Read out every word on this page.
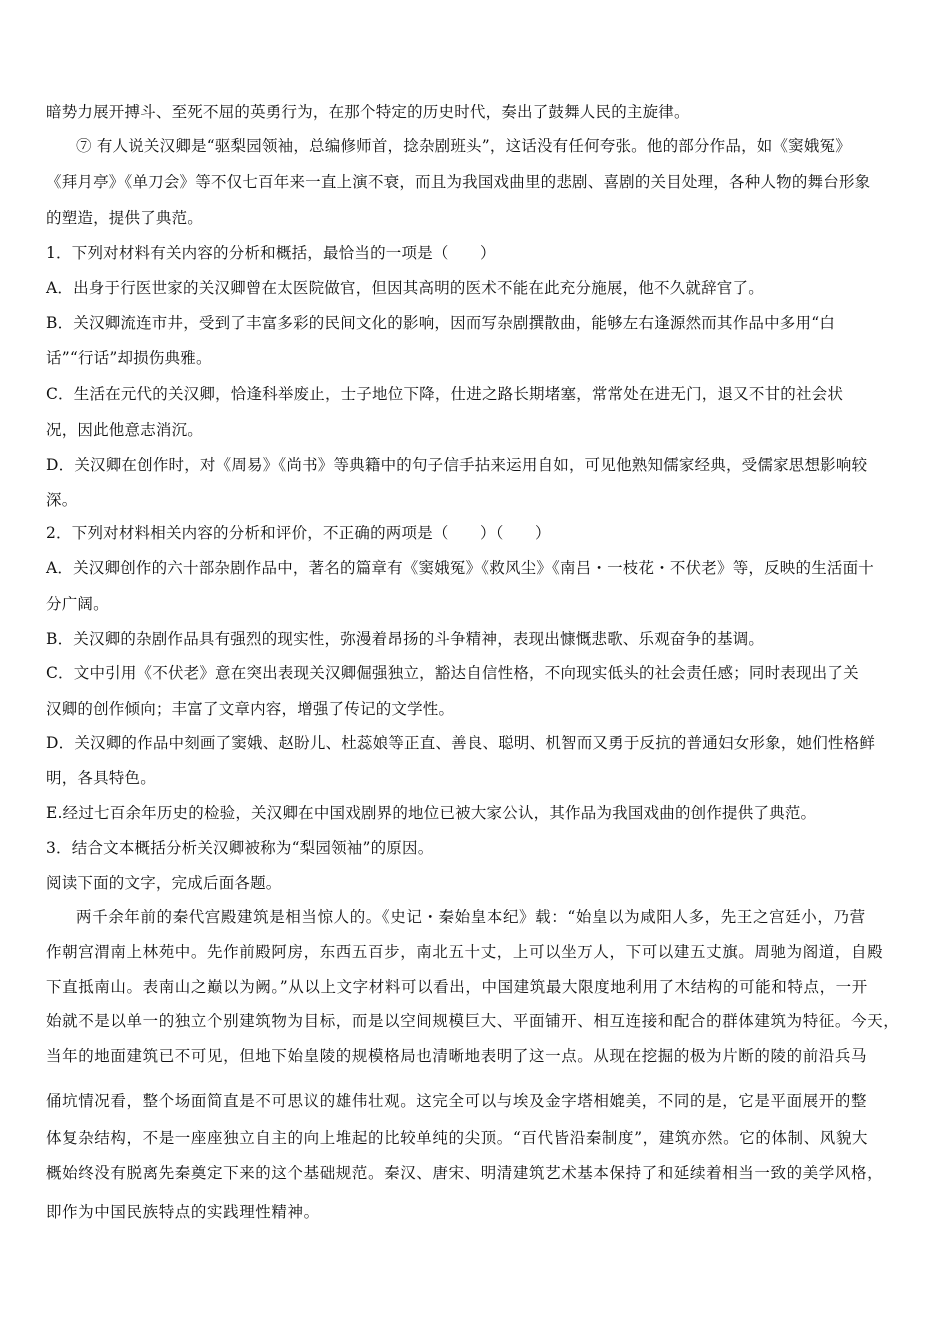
暗势力展开搏斗、至死不屈的英勇行为，在那个特定的历史时代，奏出了鼓舞人民的主旋律。
⑦ 有人说关汉卿是“驱梨园领袖，总编修师首，捻杂剧班头”，这话没有任何夸张。他的部分作品，如《窦娥冤》
《拜月亭》《单刀会》等不仅七百年来一直上演不衰，而且为我国戏曲里的悲剧、喜剧的关目处理，各种人物的舞台形象
的塑造，提供了典范。
1．下列对材料有关内容的分析和概括，最恰当的一项是（　　）
A．出身于行医世家的关汉卿曾在太医院做官，但因其高明的医术不能在此充分施展，他不久就辞官了。
B．关汉卿流连市井，受到了丰富多彩的民间文化的影响，因而写杂剧撰散曲，能够左右逢源然而其作品中多用“白
话”“行话”却损伤典雅。
C．生活在元代的关汉卿，恰逢科举废止，士子地位下降，仕进之路长期堵塞，常常处在进无门，退又不甘的社会状
况，因此他意志消沉。
D．关汉卿在创作时，对《周易》《尚书》等典籍中的句子信手拈来运用自如，可见他熟知儒家经典，受儒家思想影响较
深。
2．下列对材料相关内容的分析和评价，不正确的两项是（　　）（　　）
A．关汉卿创作的六十部杂剧作品中，著名的篇章有《窦娥冤》《救风尘》《南吕・一枝花・不伏老》等，反映的生活面十
分广阔。
B．关汉卿的杂剧作品具有强烈的现实性，弥漫着昂扬的斗争精神，表现出慷慨悲歌、乐观奋争的基调。
C．文中引用《不伏老》意在突出表现关汉卿倔强独立，豁达自信性格，不向现实低头的社会责任感；同时表现出了关
汉卿的创作倾向；丰富了文章内容，增强了传记的文学性。
D．关汉卿的作品中刻画了窦娥、赵盼儿、杜蕊娘等正直、善良、聪明、机智而又勇于反抗的普通妇女形象，她们性格鲜
明，各具特色。
E.经过七百余年历史的检验，关汉卿在中国戏剧界的地位已被大家公认，其作品为我国戏曲的创作提供了典范。
3．结合文本概括分析关汉卿被称为“梨园领袖”的原因。
阅读下面的文字，完成后面各题。
两千余年前的秦代宫殿建筑是相当惊人的。《史记・秦始皇本纪》载：“始皇以为咸阳人多，先王之宫廷小，乃营
作朝宫渭南上林苑中。先作前殿阿房，东西五百步，南北五十丈，上可以坐万人，下可以建五丈旗。周驰为阁道，自殿
下直抵南山。表南山之巅以为阙。”从以上文字材料可以看出，中国建筑最大限度地利用了木结构的可能和特点，一开
始就不是以单一的独立个别建筑物为目标，而是以空间规模巨大、平面铺开、相互连接和配合的群体建筑为特征。今天，
当年的地面建筑已不可见，但地下始皇陵的规模格局也清晰地表明了这一点。从现在挖掘的极为片断的陵的前沿兵马
俑坑情况看，整个场面简直是不可思议的雄伟壮观。这完全可以与埃及金字塔相媲美，不同的是，它是平面展开的整
体复杂结构，不是一座座独立自主的向上堆起的比较单纯的尖顶。“百代皆沿秦制度”，建筑亦然。它的体制、风貌大
概始终没有脱离先秦奠定下来的这个基础规范。秦汉、唐宋、明清建筑艺术基本保持了和延续着相当一致的美学风格，
即作为中国民族特点的实践理性精神。
